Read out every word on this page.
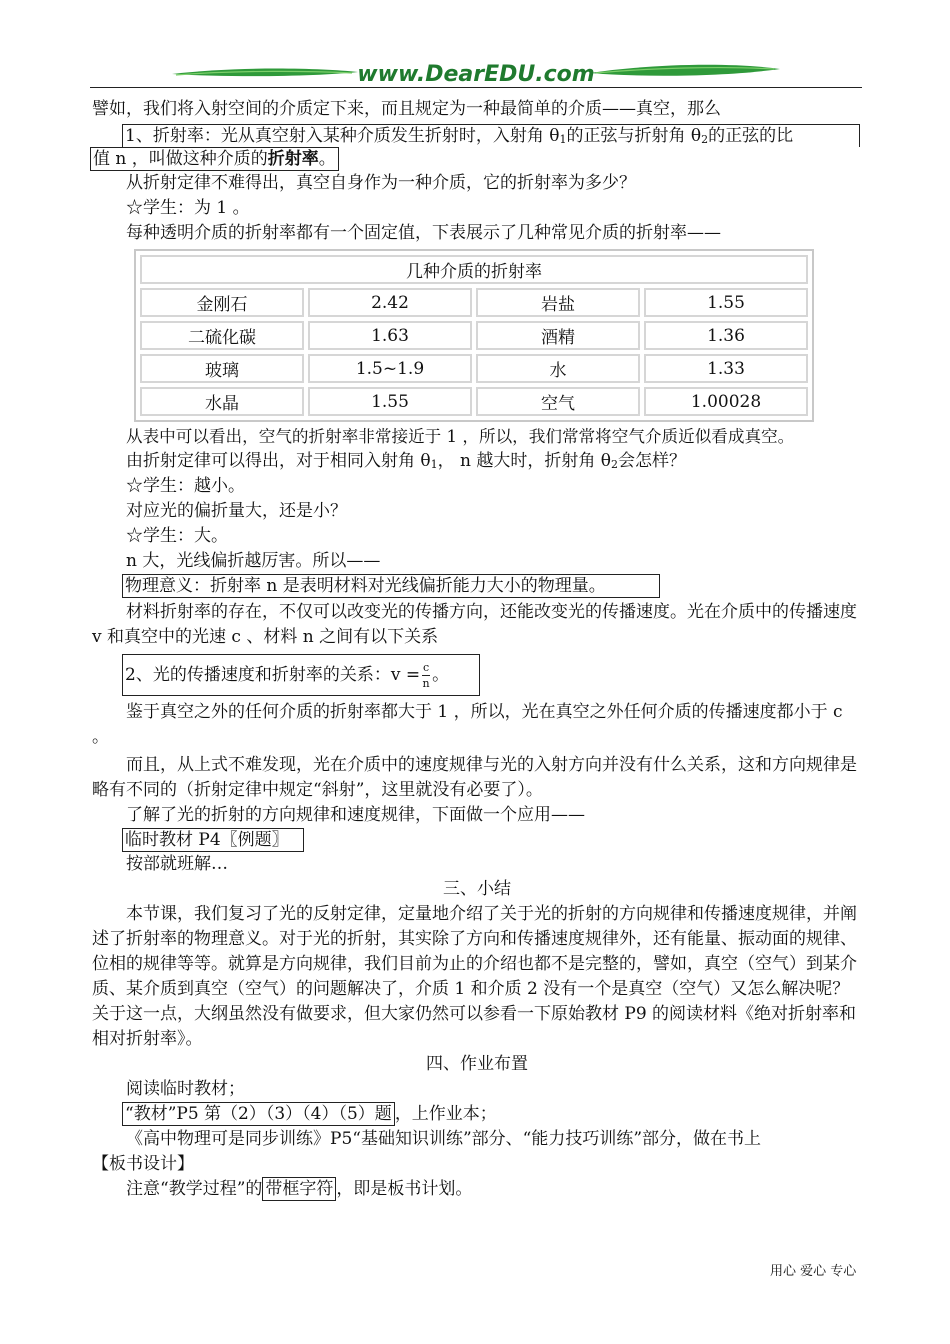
www.DearEDU.com

譬如，我们将入射空间的介质定下来，而且规定为一种最简单的介质——真空，那么

1、折射率：光从真空射入某种介质发生折射时，入射角 $\theta_1$的正弦与折射角 $\theta_2$的正弦的比
值 n ，叫做这种介质的折射率。

从折射定律不难得出，真空自身作为一种介质，它的折射率为多少？

☆学生：为 1 。

每种透明介质的折射率都有一个固定值，下表展示了几种常见介质的折射率——

几种介质的折射率			
金刚石	2.42	岩盐	1.55
二硫化碳	1.63	酒精	1.36
玻璃	1.5~1.9	水	1.33
水晶	1.55	空气	1.00028

从表中可以看出，空气的折射率非常接近于 1 ，所以，我们常常将空气介质近似看成真空。

由折射定律可以得出，对于相同入射角 $\theta_1$， n 越大时，折射角 $\theta_2$会怎样？

☆学生：越小。

对应光的偏折量大，还是小？

☆学生：大。

n 大，光线偏折越厉害。所以——

物理意义：折射率 n 是表明材料对光线偏折能力大小的物理量。

材料折射率的存在，不仅可以改变光的传播方向，还能改变光的传播速度。光在介质中的传播速度 v 和真空中的光速 c 、材料 n 之间有以下关系

2、光的传播速度和折射率的关系：$v = \frac{c}{n}$ 。

鉴于真空之外的任何介质的折射率都大于 1 ，所以，光在真空之外任何介质的传播速度都小于 c 。

而且，从上式不难发现，光在介质中的速度规律与光的入射方向并没有什么关系，这和方向规律是略有不同的（折射定律中规定“斜射”，这里就没有必要了）。

了解了光的折射的方向规律和速度规律，下面做一个应用——

临时教材 P4〖例题〗

按部就班解…

三、小结

本节课，我们复习了光的反射定律，定量地介绍了关于光的折射的方向规律和传播速度规律，并阐述了折射率的物理意义。对于光的折射，其实除了方向和传播速度规律外，还有能量、振动面的规律、位相的规律等等。就算是方向规律，我们目前为止的介绍也都不是完整的，譬如，真空（空气）到某介质、某介质到真空（空气）的问题解决了，介质 1 和介质 2 没有一个是真空（空气）又怎么解决呢？关于这一点，大纲虽然没有做要求，但大家仍然可以参看一下原始教材 P9 的阅读材料《绝对折射率和相对折射率》。

四、作业布置

阅读临时教材；

“教材”P5 第（2）（3）（4）（5）题 ，上作业本；

《高中物理可是同步训练》P5“基础知识训练”部分、“能力技巧训练”部分，做在书上

【板书设计】

注意“教学过程”的 带框字符 ，即是板书计划。

用心 爱心 专心
